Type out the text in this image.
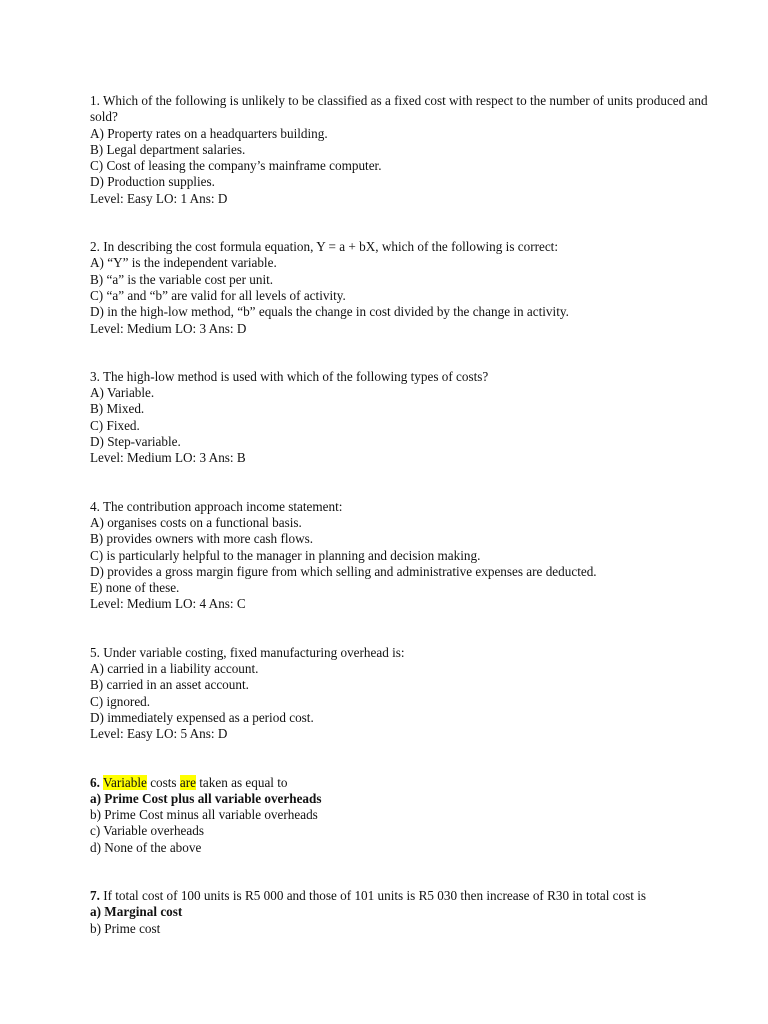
1. Which of the following is unlikely to be classified as a fixed cost with respect to the number of units produced and sold?
A) Property rates on a headquarters building.
B) Legal department salaries.
C) Cost of leasing the company’s mainframe computer.
D) Production supplies.
Level: Easy LO: 1 Ans: D
2. In describing the cost formula equation, Y = a + bX, which of the following is correct:
A) “Y” is the independent variable.
B) “a” is the variable cost per unit.
C) “a” and “b” are valid for all levels of activity.
D) in the high-low method, “b” equals the change in cost divided by the change in activity.
Level: Medium LO: 3 Ans: D
3. The high-low method is used with which of the following types of costs?
A) Variable.
B) Mixed.
C) Fixed.
D) Step-variable.
Level: Medium LO: 3 Ans: B
4. The contribution approach income statement:
A) organises costs on a functional basis.
B) provides owners with more cash flows.
C) is particularly helpful to the manager in planning and decision making.
D) provides a gross margin figure from which selling and administrative expenses are deducted.
E) none of these.
Level: Medium LO: 4 Ans: C
5. Under variable costing, fixed manufacturing overhead is:
A) carried in a liability account.
B) carried in an asset account.
C) ignored.
D) immediately expensed as a period cost.
Level: Easy LO: 5 Ans: D
6. Variable costs are taken as equal to
a) Prime Cost plus all variable overheads
b) Prime Cost minus all variable overheads
c) Variable overheads
d) None of the above
7. If total cost of 100 units is R5 000 and those of 101 units is R5 030 then increase of R30 in total cost is
a) Marginal cost
b) Prime cost
